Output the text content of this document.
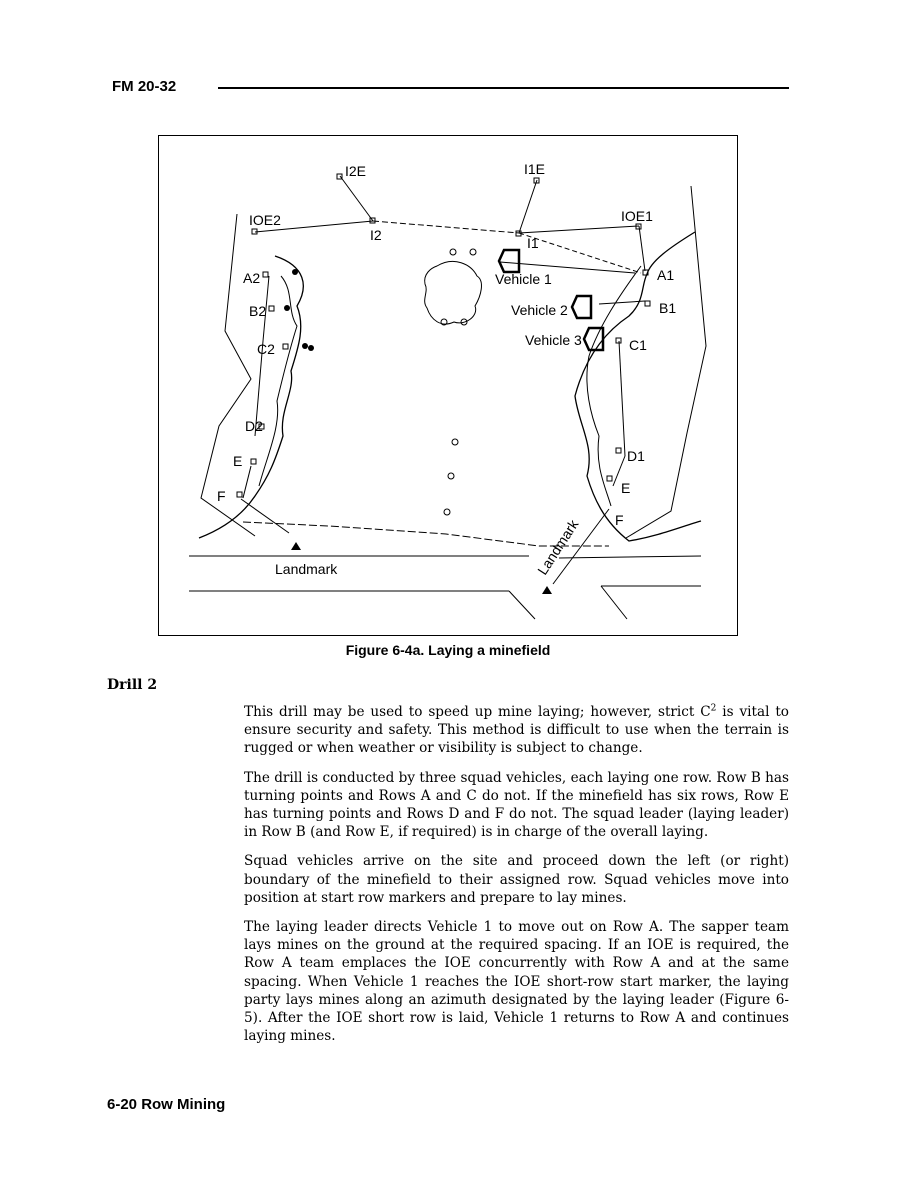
FM 20-32
I2E	I1E
IOE2	IOE1
I2	I1
A2
B2
C2
D2
E
F
A1
B1
C1
D1
E
F
Vehicle 1
Vehicle 2
Vehicle 3
Landmark	Landmark
Figure 6-4a. Laying a minefield
Drill 2

This drill may be used to speed up mine laying; however, strict $C^2$ is vital to ensure security and safety. This method is difficult to use when the terrain is rugged or when weather or visibility is subject to change.

The drill is conducted by three squad vehicles, each laying one row. Row B has turning points and Rows A and C do not. If the minefield has six rows, Row E has turning points and Rows D and F do not. The squad leader (laying leader) in Row B (and Row E, if required) is in charge of the overall laying.

Squad vehicles arrive on the site and proceed down the left (or right) boundary of the minefield to their assigned row. Squad vehicles move into position at start row markers and prepare to lay mines.

The laying leader directs Vehicle 1 to move out on Row A. The sapper team lays mines on the ground at the required spacing. If an IOE is required, the Row A team emplaces the IOE concurrently with Row A and at the same spacing. When Vehicle 1 reaches the IOE short-row start marker, the laying party lays mines along an azimuth designated by the laying leader (Figure 6-5). After the IOE short row is laid, Vehicle 1 returns to Row A and continues laying mines.

6-20 Row Mining
